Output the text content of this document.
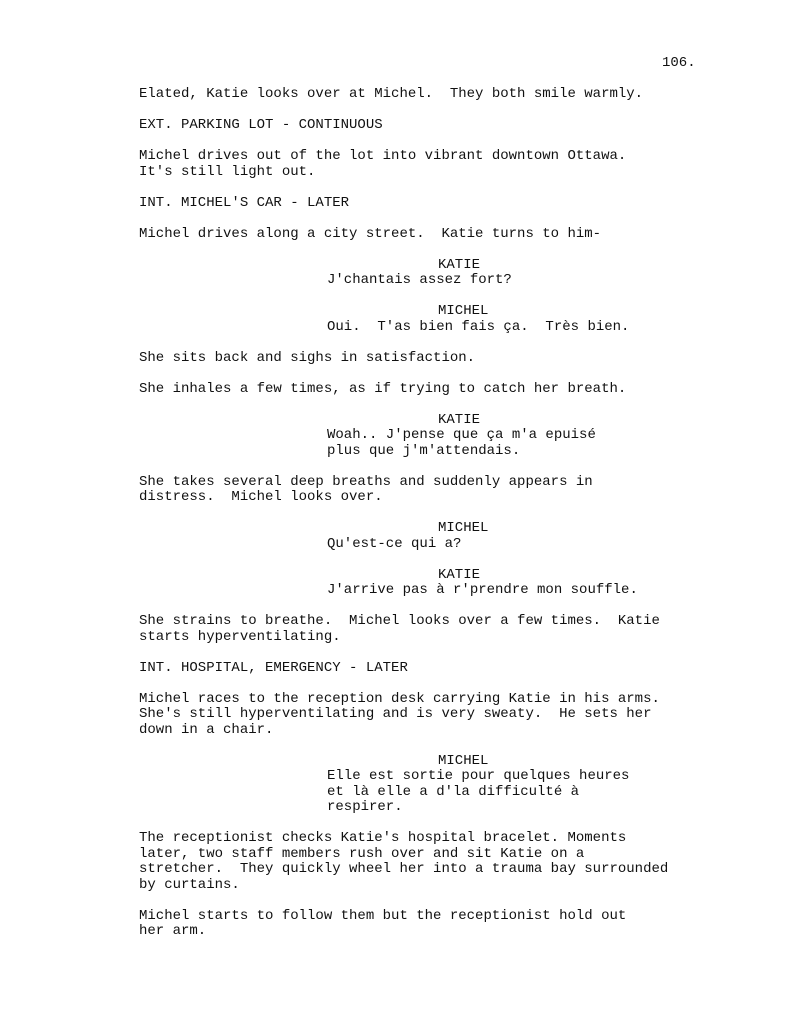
106.
Elated, Katie looks over at Michel.  They both smile warmly.
EXT. PARKING LOT - CONTINUOUS
Michel drives out of the lot into vibrant downtown Ottawa.
It's still light out.
INT. MICHEL'S CAR - LATER
Michel drives along a city street.  Katie turns to him-
KATIE
J'chantais assez fort?
MICHEL
Oui.  T'as bien fais ça.  Très bien.
She sits back and sighs in satisfaction.
She inhales a few times, as if trying to catch her breath.
KATIE
Woah.. J'pense que ça m'a epuisé
plus que j'm'attendais.
She takes several deep breaths and suddenly appears in
distress.  Michel looks over.
MICHEL
Qu'est-ce qui a?
KATIE
J'arrive pas à r'prendre mon souffle.
She strains to breathe.  Michel looks over a few times.  Katie
starts hyperventilating.
INT. HOSPITAL, EMERGENCY - LATER
Michel races to the reception desk carrying Katie in his arms.
She's still hyperventilating and is very sweaty.  He sets her
down in a chair.
MICHEL
Elle est sortie pour quelques heures
et là elle a d'la difficulté à
respirer.
The receptionist checks Katie's hospital bracelet. Moments
later, two staff members rush over and sit Katie on a
stretcher.  They quickly wheel her into a trauma bay surrounded
by curtains.
Michel starts to follow them but the receptionist hold out
her arm.
